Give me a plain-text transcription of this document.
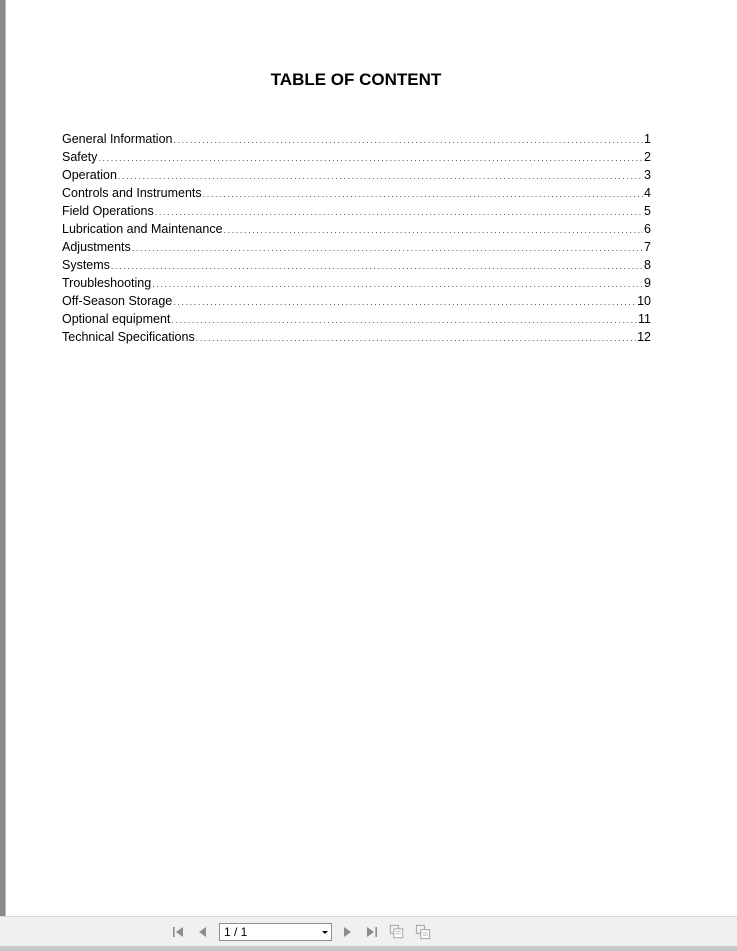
TABLE OF CONTENT
General Information .....	1
Safety .....	2
Operation .....	3
Controls and Instruments .....	4
Field Operations .....	5
Lubrication and Maintenance .....	6
Adjustments .....	7
Systems .....	8
Troubleshooting .....	9
Off-Season Storage .....	10
Optional equipment .....	11
Technical Specifications .....	12
1 / 1
